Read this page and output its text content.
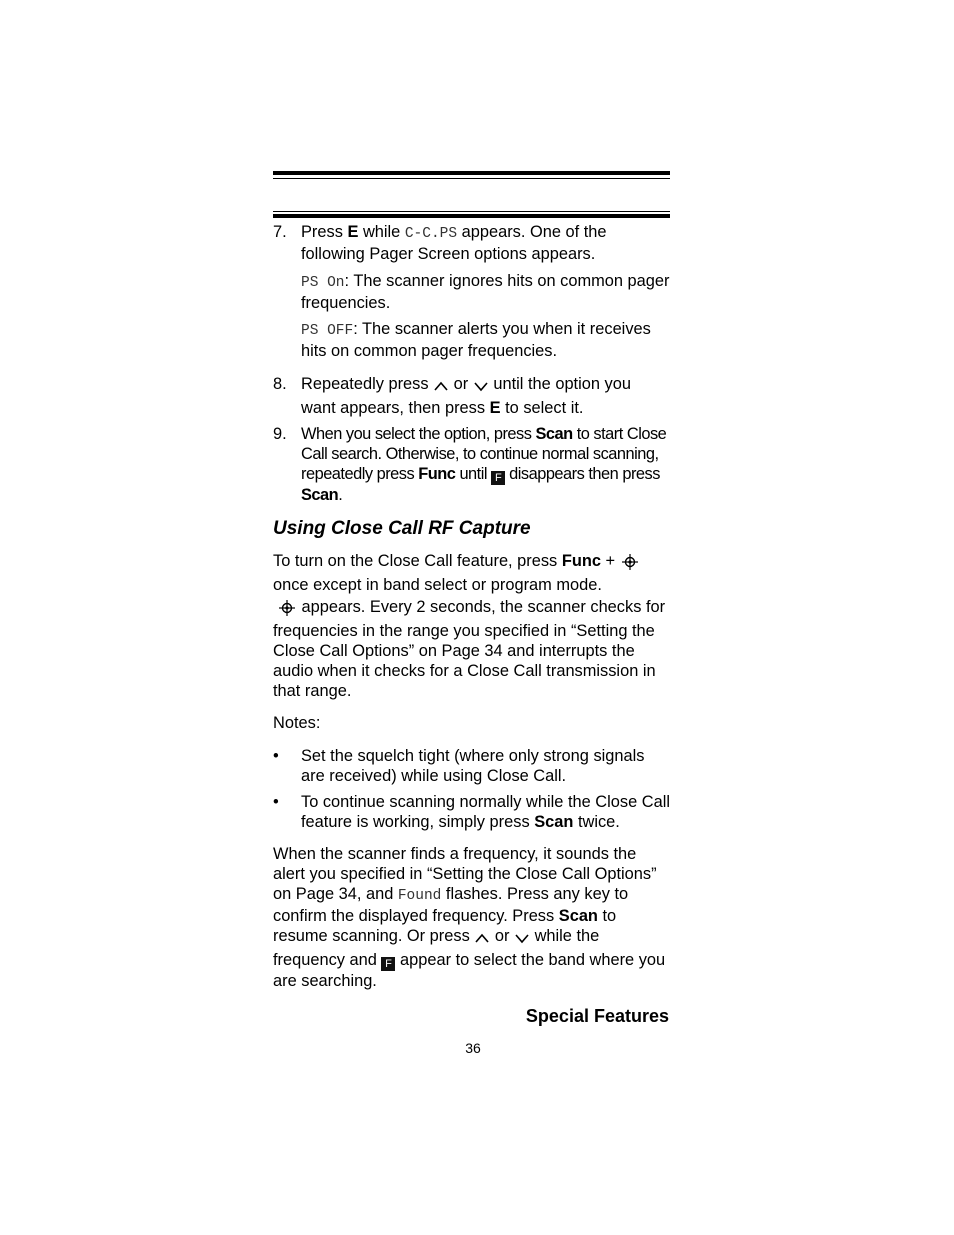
7. Press E while C-C.PS appears. One of the following Pager Screen options appears.

PS On: The scanner ignores hits on common pager frequencies.

PS OFF: The scanner alerts you when it receives hits on common pager frequencies.

8. Repeatedly press  or  until the option you want appears, then press E to select it.

9. When you select the option, press Scan to start Close Call search. Otherwise, to continue normal scanning, repeatedly press Func until F disappears then press Scan.

Using Close Call RF Capture

To turn on the Close Call feature, press Func +  once except in band select or program mode.

appears. Every 2 seconds, the scanner checks for frequencies in the range you specified in “Setting the Close Call Options” on Page 34 and interrupts the audio when it checks for a Close Call transmission in that range.

Notes:

• Set the squelch tight (where only strong signals are received) while using Close Call.

• To continue scanning normally while the Close Call feature is working, simply press Scan twice.

When the scanner finds a frequency, it sounds the alert you specified in “Setting the Close Call Options” on Page 34, and Found flashes. Press any key to confirm the displayed frequency. Press Scan to resume scanning. Or press  or  while the frequency and F appear to select the band where you are searching.

Special Features
36
